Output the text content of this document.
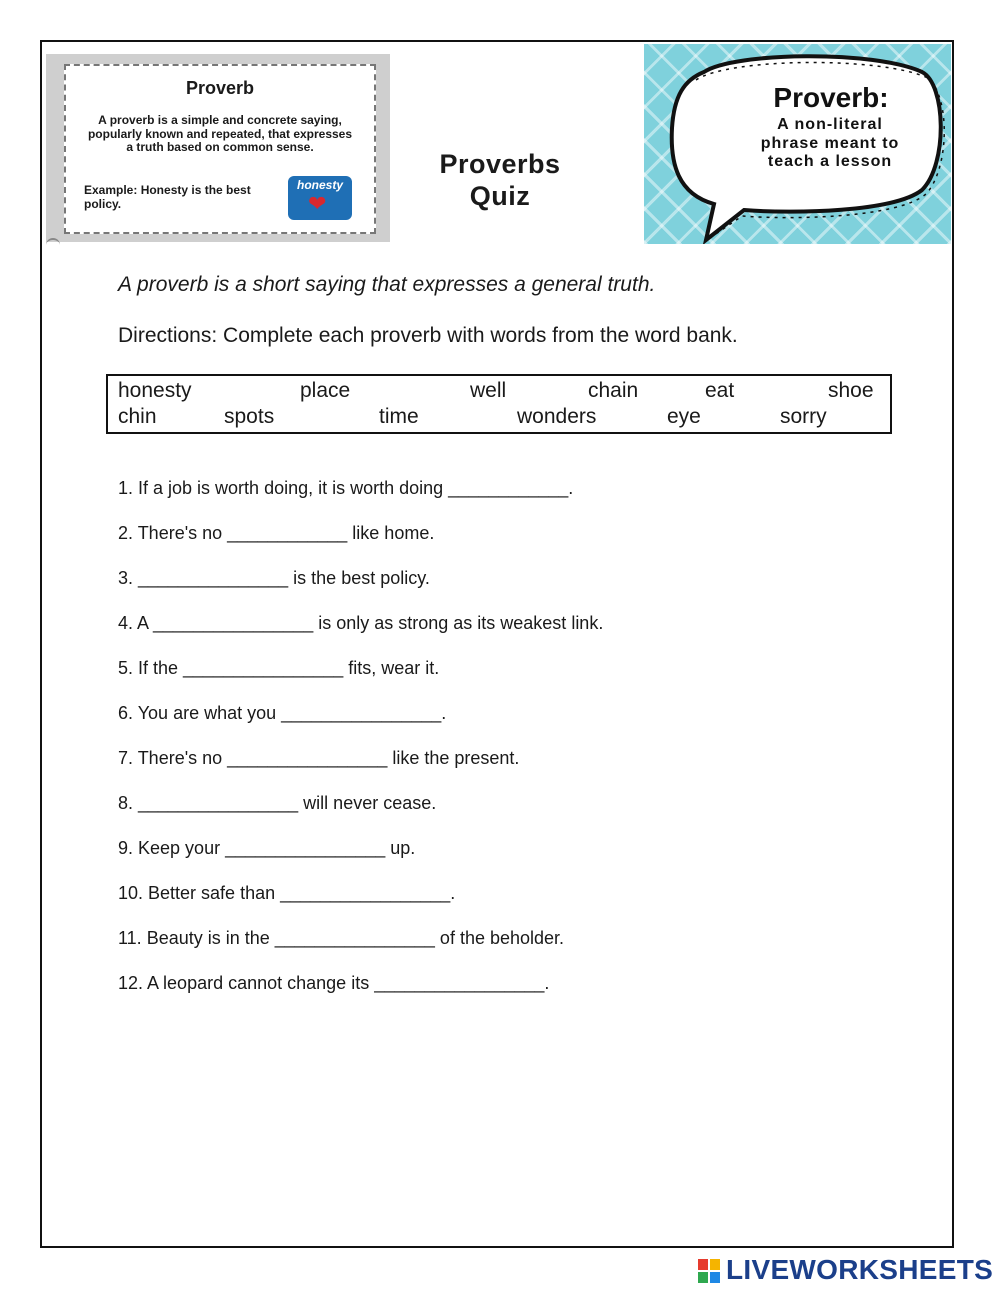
Proverb
A proverb is a simple and concrete saying, popularly known and repeated, that expresses a truth based on common sense.
Example: Honesty is the best policy.
honesty
❤
Proverbs
Quiz
Proverb:
A non-literal
phrase meant to
teach a lesson
A proverb is a short saying that expresses a general truth.
Directions: Complete each proverb with words from the word bank.
honesty	place	well	chain	eat	shoe
chin	spots	time	wonders	eye	sorry
1. If a job is worth doing, it is worth doing ____________.
2. There's no ____________ like home.
3. _______________ is the best policy.
4. A ________________ is only as strong as its weakest link.
5. If the ________________ fits, wear it.
6. You are what you ________________.
7. There's no ________________ like the present.
8. ________________ will never cease.
9. Keep your ________________ up.
10. Better safe than _________________.
11. Beauty is in the ________________ of the beholder.
12. A leopard cannot change its _________________.
LIVEWORKSHEETS
